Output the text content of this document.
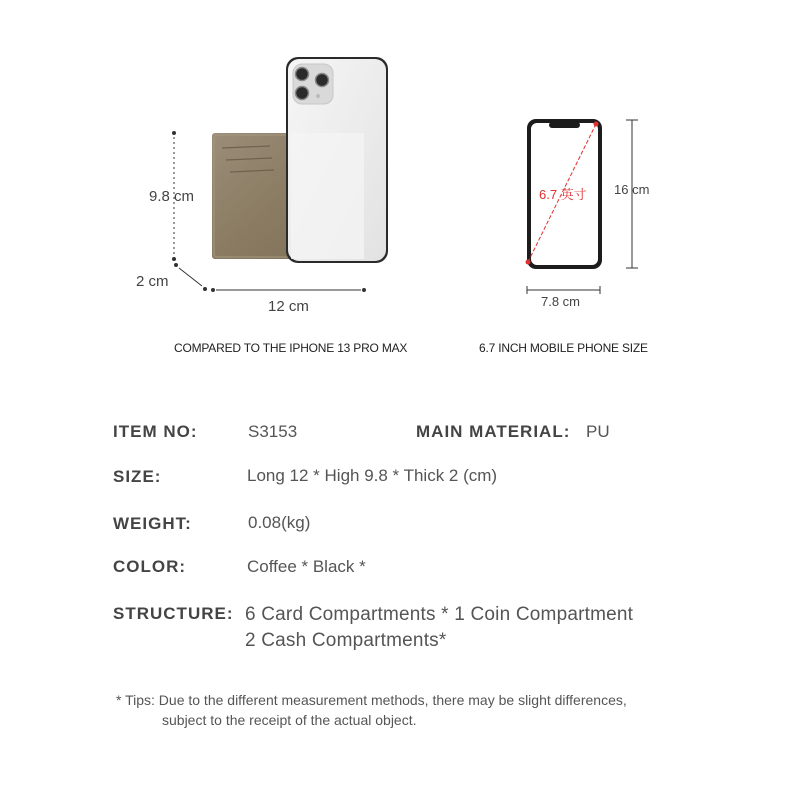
9.8 cm
2 cm
12 cm
COMPARED TO THE IPHONE 13 PRO MAX
6.7 英寸 16 cm
7.8 cm
6.7 INCH MOBILE PHONE SIZE
ITEM NO:	S3153	MAIN MATERIAL: PU
SIZE:	Long 12 * High 9.8 * Thick 2 (cm)
WEIGHT:	0.08(kg)
COLOR:	Coffee * Black *
STRUCTURE: 6 Card Compartments * 1 Coin Compartment
2 Cash Compartments*
* Tips: Due to the different measurement methods, there may be slight differences,
subject to the receipt of the actual object.
